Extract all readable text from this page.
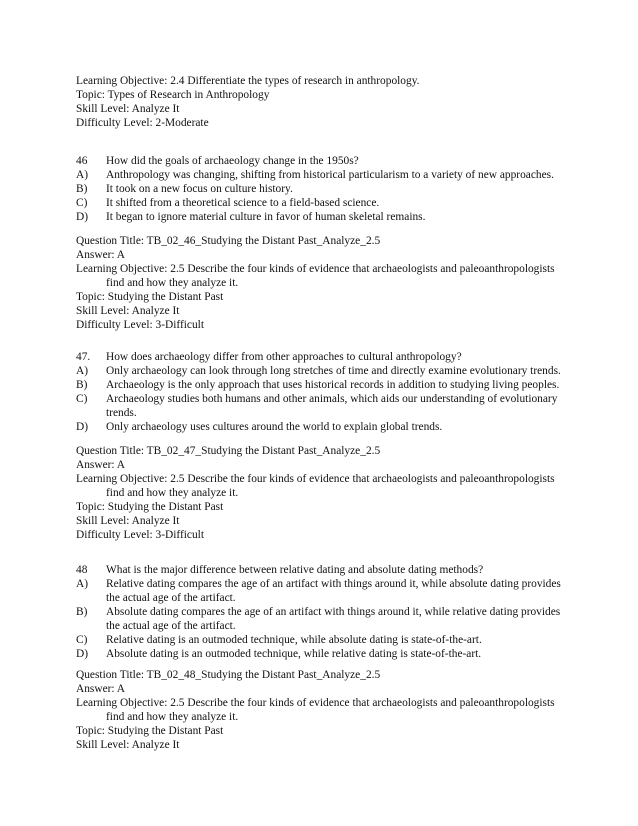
Learning Objective: 2.4 Differentiate the types of research in anthropology.
Topic: Types of Research in Anthropology
Skill Level: Analyze It
Difficulty Level: 2-Moderate
46	How did the goals of archaeology change in the 1950s?
A)	Anthropology was changing, shifting from historical particularism to a variety of new approaches.
B)	It took on a new focus on culture history.
C)	It shifted from a theoretical science to a field-based science.
D)	It began to ignore material culture in favor of human skeletal remains.
Question Title: TB_02_46_Studying the Distant Past_Analyze_2.5
Answer: A
Learning Objective: 2.5 Describe the four kinds of evidence that archaeologists and paleoanthropologists
find and how they analyze it.
Topic: Studying the Distant Past
Skill Level: Analyze It
Difficulty Level: 3-Difficult
47.	How does archaeology differ from other approaches to cultural anthropology?
A)	Only archaeology can look through long stretches of time and directly examine evolutionary trends.
B)	Archaeology is the only approach that uses historical records in addition to studying living peoples.
C)	Archaeology studies both humans and other animals, which aids our understanding of evolutionary
trends.
D)	Only archaeology uses cultures around the world to explain global trends.
Question Title: TB_02_47_Studying the Distant Past_Analyze_2.5
Answer: A
Learning Objective: 2.5 Describe the four kinds of evidence that archaeologists and paleoanthropologists
find and how they analyze it.
Topic: Studying the Distant Past
Skill Level: Analyze It
Difficulty Level: 3-Difficult
48	What is the major difference between relative dating and absolute dating methods?
A)	Relative dating compares the age of an artifact with things around it, while absolute dating provides
the actual age of the artifact.
B)	Absolute dating compares the age of an artifact with things around it, while relative dating provides
the actual age of the artifact.
C)	Relative dating is an outmoded technique, while absolute dating is state-of-the-art.
D)	Absolute dating is an outmoded technique, while relative dating is state-of-the-art.
Question Title: TB_02_48_Studying the Distant Past_Analyze_2.5
Answer: A
Learning Objective: 2.5 Describe the four kinds of evidence that archaeologists and paleoanthropologists
find and how they analyze it.
Topic: Studying the Distant Past
Skill Level: Analyze It
